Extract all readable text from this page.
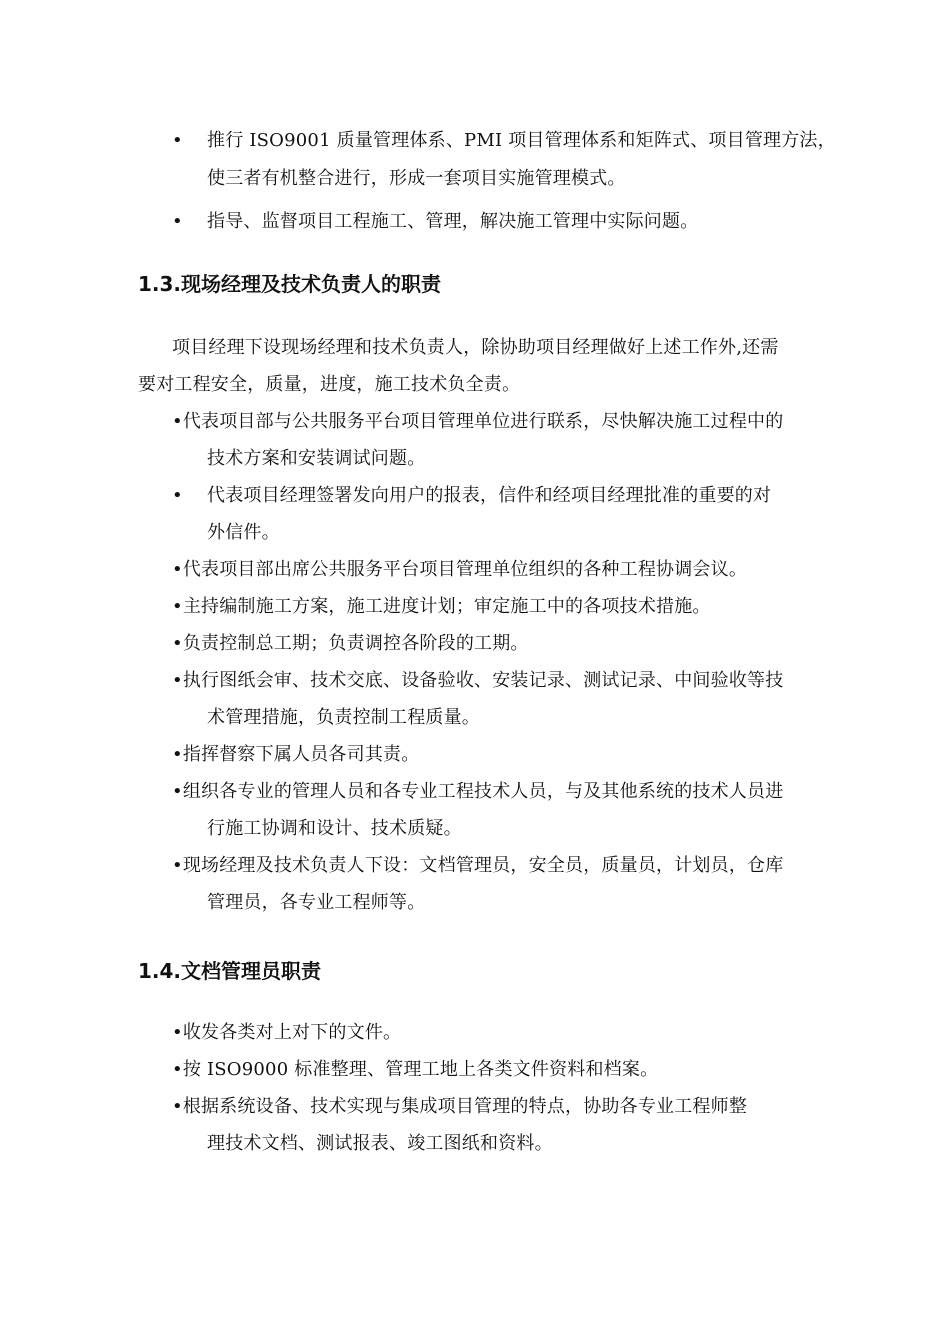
• 推行 ISO9001 质量管理体系、PMI 项目管理体系和矩阵式、项目管理方法，
使三者有机整合进行，形成一套项目实施管理模式。
• 指导、监督项目工程施工、管理，解决施工管理中实际问题。
1.3.现场经理及技术负责人的职责
项目经理下设现场经理和技术负责人，除协助项目经理做好上述工作外,还需
要对工程安全，质量，进度，施工技术负全责。
•代表项目部与公共服务平台项目管理单位进行联系，尽快解决施工过程中的
技术方案和安装调试问题。
• 代表项目经理签署发向用户的报表，信件和经项目经理批准的重要的对
外信件。
•代表项目部出席公共服务平台项目管理单位组织的各种工程协调会议。
•主持编制施工方案，施工进度计划；审定施工中的各项技术措施。
•负责控制总工期；负责调控各阶段的工期。
•执行图纸会审、技术交底、设备验收、安装记录、测试记录、中间验收等技
术管理措施，负责控制工程质量。
•指挥督察下属人员各司其责。
•组织各专业的管理人员和各专业工程技术人员，与及其他系统的技术人员进
行施工协调和设计、技术质疑。
•现场经理及技术负责人下设：文档管理员，安全员，质量员，计划员，仓库
管理员，各专业工程师等。
1.4.文档管理员职责
•收发各类对上对下的文件。
•按 ISO9000 标准整理、管理工地上各类文件资料和档案。
•根据系统设备、技术实现与集成项目管理的特点，协助各专业工程师整
理技术文档、测试报表、竣工图纸和资料。
